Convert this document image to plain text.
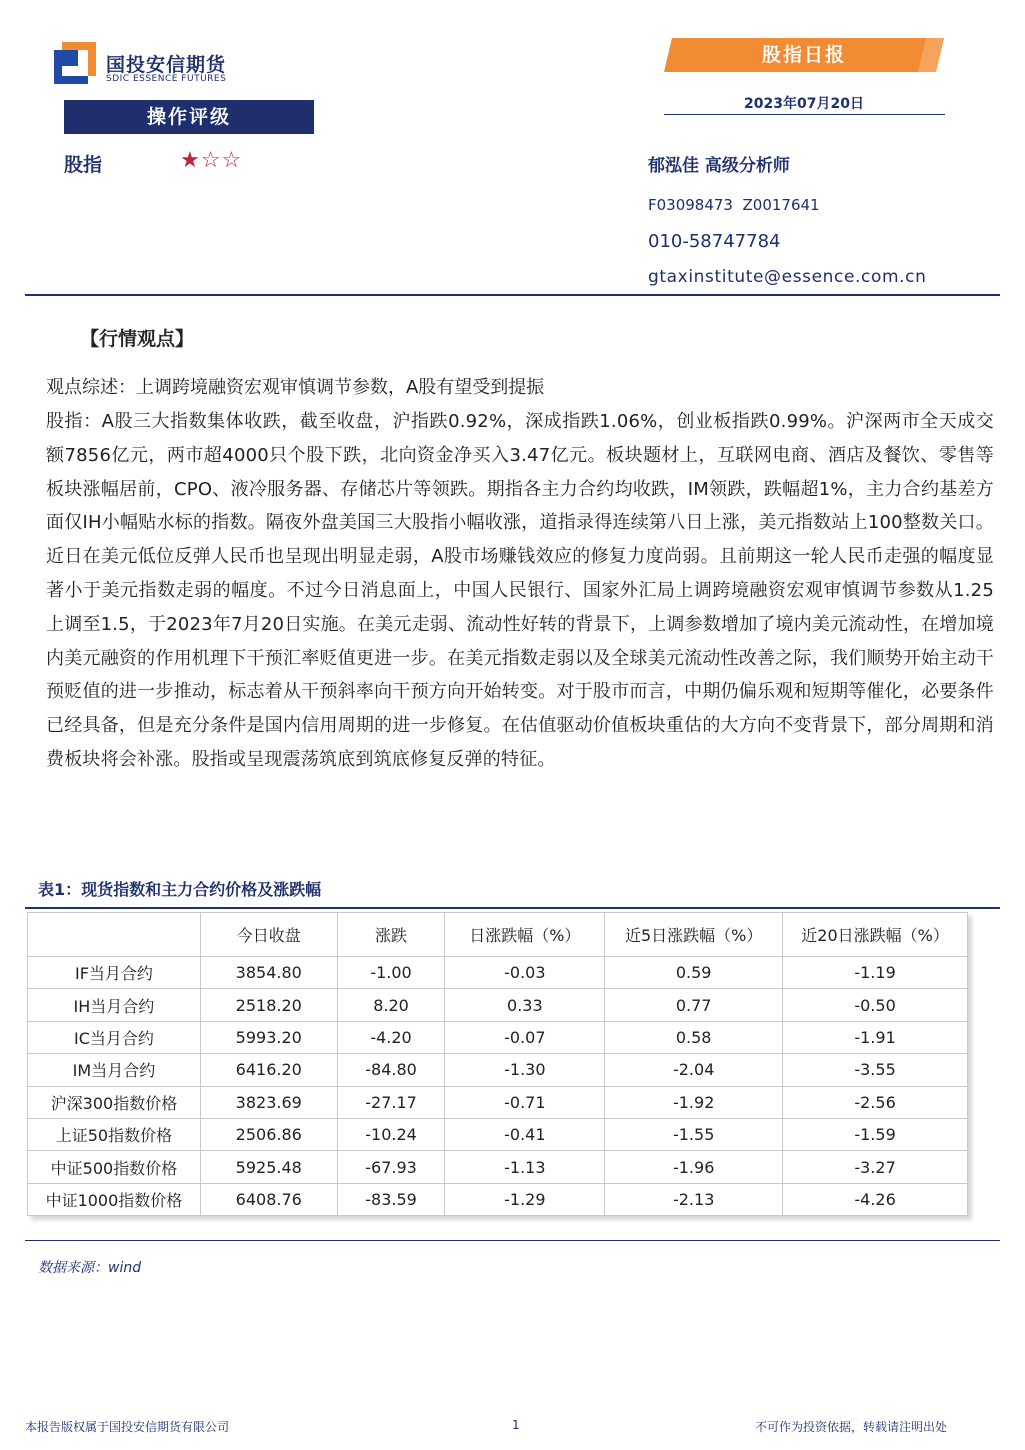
国投安信期货
SDIC ESSENCE FUTURES
股指日报
2023年07月20日
操作评级
股指	★☆☆	郁泓佳 高级分析师
F03098473  Z0017641
010-58747784
gtaxinstitute@essence.com.cn
【行情观点】
观点综述：上调跨境融资宏观审慎调节参数，A股有望受到提振
股指：A股三大指数集体收跌，截至收盘，沪指跌0.92%，深成指跌1.06%，创业板指跌0.99%。沪深两市全天成交额7856亿元，两市超4000只个股下跌，北向资金净买入3.47亿元。板块题材上，互联网电商、酒店及餐饮、零售等板块涨幅居前，CPO、液冷服务器、存储芯片等领跌。期指各主力合约均收跌，IM领跌，跌幅超1%，主力合约基差方面仅IH小幅贴水标的指数。隔夜外盘美国三大股指小幅收涨，道指录得连续第八日上涨，美元指数站上100整数关口。近日在美元低位反弹人民币也呈现出明显走弱，A股市场赚钱效应的修复力度尚弱。且前期这一轮人民币走强的幅度显著小于美元指数走弱的幅度。不过今日消息面上，中国人民银行、国家外汇局上调跨境融资宏观审慎调节参数从1.25上调至1.5，于2023年7月20日实施。在美元走弱、流动性好转的背景下，上调参数增加了境内美元流动性，在增加境内美元融资的作用机理下干预汇率贬值更进一步。在美元指数走弱以及全球美元流动性改善之际，我们顺势开始主动干预贬值的进一步推动，标志着从干预斜率向干预方向开始转变。对于股市而言，中期仍偏乐观和短期等催化，必要条件已经具备，但是充分条件是国内信用周期的进一步修复。在估值驱动价值板块重估的大方向不变背景下，部分周期和消费板块将会补涨。股指或呈现震荡筑底到筑底修复反弹的特征。
表1：现货指数和主力合约价格及涨跌幅
	今日收盘	涨跌	日涨跌幅（%）	近5日涨跌幅（%）	近20日涨跌幅（%）
IF当月合约	3854.80	-1.00	-0.03	0.59	-1.19
IH当月合约	2518.20	8.20	0.33	0.77	-0.50
IC当月合约	5993.20	-4.20	-0.07	0.58	-1.91
IM当月合约	6416.20	-84.80	-1.30	-2.04	-3.55
沪深300指数价格	3823.69	-27.17	-0.71	-1.92	-2.56
上证50指数价格	2506.86	-10.24	-0.41	-1.55	-1.59
中证500指数价格	5925.48	-67.93	-1.13	-1.96	-3.27
中证1000指数价格	6408.76	-83.59	-1.29	-2.13	-4.26
数据来源：wind
本报告版权属于国投安信期货有限公司	1	不可作为投资依据，转载请注明出处
